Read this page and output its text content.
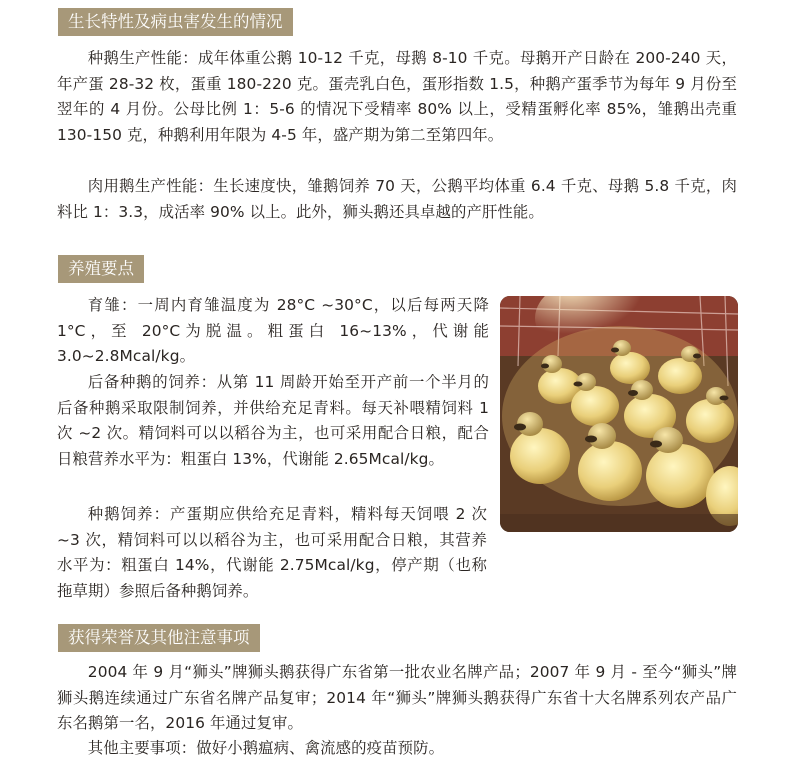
生长特性及病虫害发生的情况

种鹅生产性能：成年体重公鹅 10-12 千克，母鹅 8-10 千克。母鹅开产日龄在 200-240 天，年产蛋 28-32 枚，蛋重 180-220 克。蛋壳乳白色，蛋形指数 1.5，种鹅产蛋季节为每年 9 月份至翌年的 4 月份。公母比例 1：5-6 的情况下受精率 80% 以上，受精蛋孵化率 85%，雏鹅出壳重 130-150 克，种鹅利用年限为 4-5 年，盛产期为第二至第四年。

肉用鹅生产性能：生长速度快，雏鹅饲养 70 天，公鹅平均体重 6.4 千克、母鹅 5.8 千克，肉料比 1：3.3，成活率 90% 以上。此外，狮头鹅还具卓越的产肝性能。

养殖要点

育雏：一周内育雏温度为 28°C ~30°C，以后每两天降 1°C，至 20°C为脱温。粗蛋白 16~13%，代谢能 3.0~2.8Mcal/kg。

后备种鹅的饲养：从第 11 周龄开始至开产前一个半月的后备种鹅采取限制饲养，并供给充足青料。每天补喂精饲料 1 次 ~2 次。精饲料可以以稻谷为主，也可采用配合日粮，配合日粮营养水平为：粗蛋白 13%，代谢能 2.65Mcal/kg。

种鹅饲养：产蛋期应供给充足青料，精料每天饲喂 2 次 ~3 次，精饲料可以以稻谷为主，也可采用配合日粮，其营养水平为：粗蛋白 14%，代谢能 2.75Mcal/kg，停产期（也称拖草期）参照后备种鹅饲养。

获得荣誉及其他注意事项

2004 年 9 月“狮头”牌狮头鹅获得广东省第一批农业名牌产品；2007 年 9 月 - 至今“狮头”牌狮头鹅连续通过广东省名牌产品复审；2014 年“狮头”牌狮头鹅获得广东省十大名牌系列农产品广东名鹅第一名，2016 年通过复审。

其他主要事项：做好小鹅瘟病、禽流感的疫苗预防。
